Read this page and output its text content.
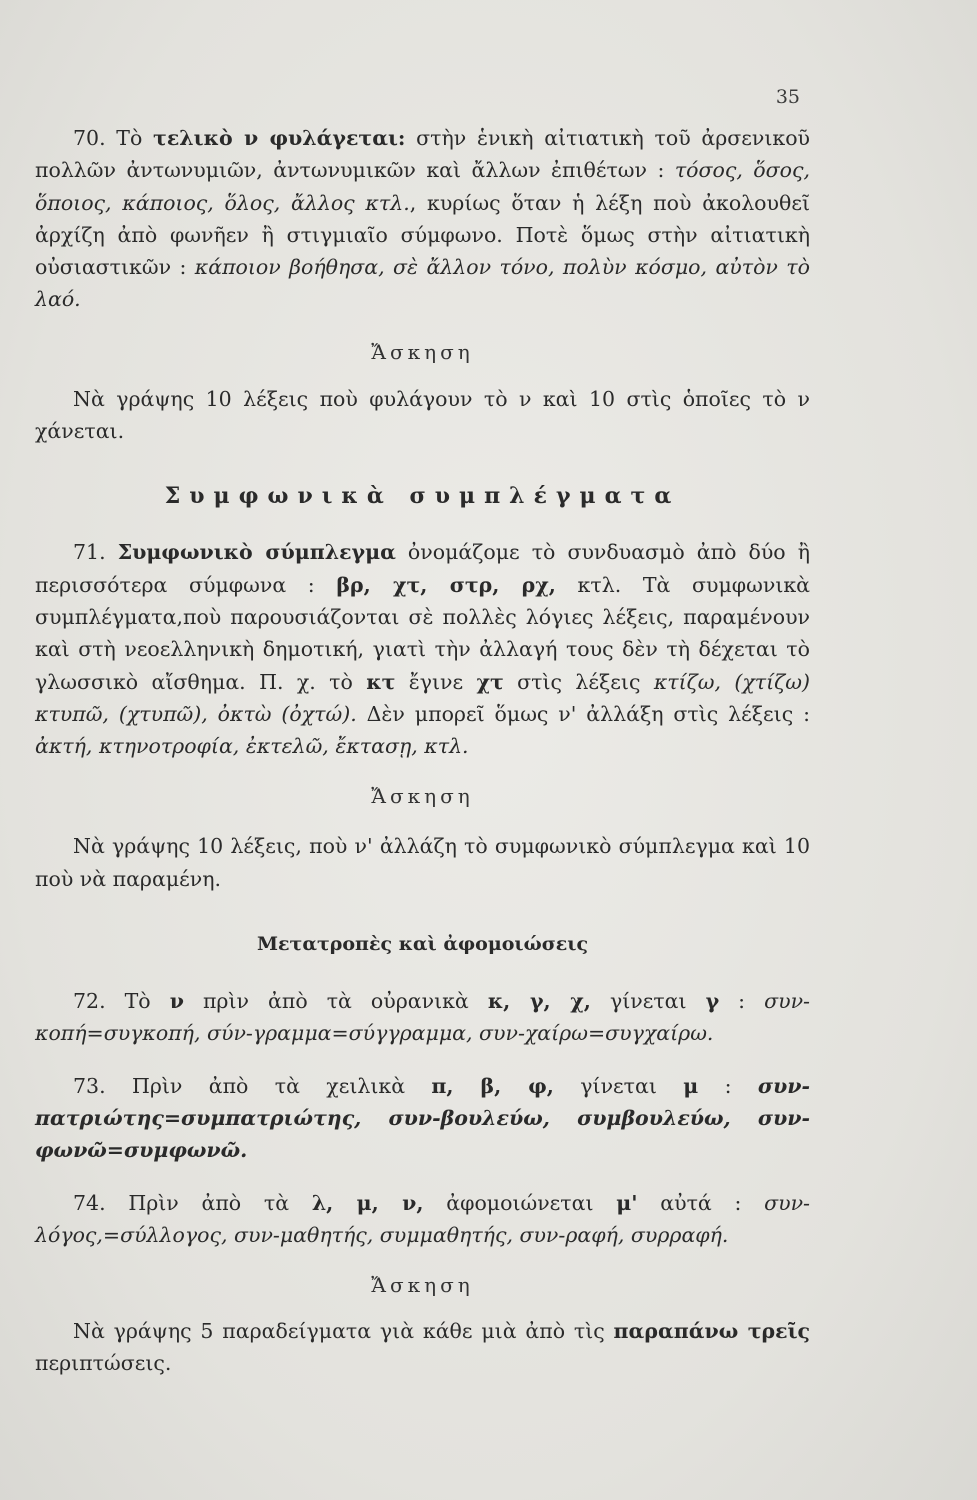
35

70. Τὸ τελικὸ ν φυλάγεται: στὴν ἑνικὴ αἰτιατικὴ τοῦ ἀρσενικοῦ πολλῶν ἀντωνυμιῶν, ἀντωνυμικῶν καὶ ἄλλων ἐπιθέτων : τόσος, ὅσος, ὅποιος, κάποιος, ὅλος, ἄλλος κτλ., κυρίως ὅταν ἡ λέξη ποὺ ἀκολουθεῖ ἀρχίζη ἀπὸ φωνῆεν ἢ στιγμιαῖο σύμφωνο. Ποτὲ ὅμως στὴν αἰτιατικὴ οὐσιαστικῶν : κάποιον βοήθησα, σὲ ἄλλον τόνο, πολὺν κόσμο, αὐτὸν τὸ λαό.

Ἄσκηση

Νὰ γράψης 10 λέξεις ποὺ φυλάγουν τὸ ν καὶ 10 στὶς ὁποῖες τὸ ν χάνεται.

Συμφωνικὰ συμπλέγματα

71. Συμφωνικὸ σύμπλεγμα ὀνομάζομε τὸ συνδυασμὸ ἀπὸ δύο ἢ περισσότερα σύμφωνα : βρ, χτ, στρ, ρχ, κτλ. Τὰ συμφωνικὰ συμπλέγματα,ποὺ παρουσιάζονται σὲ πολλὲς λόγιες λέξεις, παραμένουν καὶ στὴ νεοελληνικὴ δημοτική, γιατὶ τὴν ἀλλαγή τους δὲν τὴ δέχεται τὸ γλωσσικὸ αἴσθημα. Π. χ. τὸ κτ ἔγινε χτ στὶς λέξεις κτίζω, (χτίζω) κτυπῶ, (χτυπῶ), ὀκτὼ (ὀχτώ). Δὲν μπορεῖ ὅμως ν' ἀλλάξη στὶς λέξεις : ἀκτή, κτηνοτροφία, ἐκτελῶ, ἔκτασῃ, κτλ.

Ἄσκηση

Νὰ γράψης 10 λέξεις, ποὺ ν' ἀλλάζη τὸ συμφωνικὸ σύμπλεγμα καὶ 10 ποὺ νὰ παραμένη.

Μετατροπὲς καὶ ἀφομοιώσεις

72. Τὸ ν πρὶν ἀπὸ τὰ οὐρανικὰ κ, γ, χ, γίνεται γ : συν-κοπή=συγκοπή, σύν-γραμμα=σύγγραμμα, συν-χαίρω=συγχαίρω.

73. Πρὶν ἀπὸ τὰ χειλικὰ π, β, φ, γίνεται μ : συν-πατριώτης=συμπατριώτης, συν-βουλεύω, συμβουλεύω, συν-φωνῶ=συμφωνῶ.

74. Πρὶν ἀπὸ τὰ λ, μ, ν, ἀφομοιώνεται μ' αὐτά : συν-λόγος,=σύλλογος, συν-μαθητής, συμμαθητής, συν-ραφή, συρραφή.

Ἄσκηση

Νὰ γράψης 5 παραδείγματα γιὰ κάθε μιὰ ἀπὸ τὶς παραπάνω τρεῖς περιπτώσεις.
